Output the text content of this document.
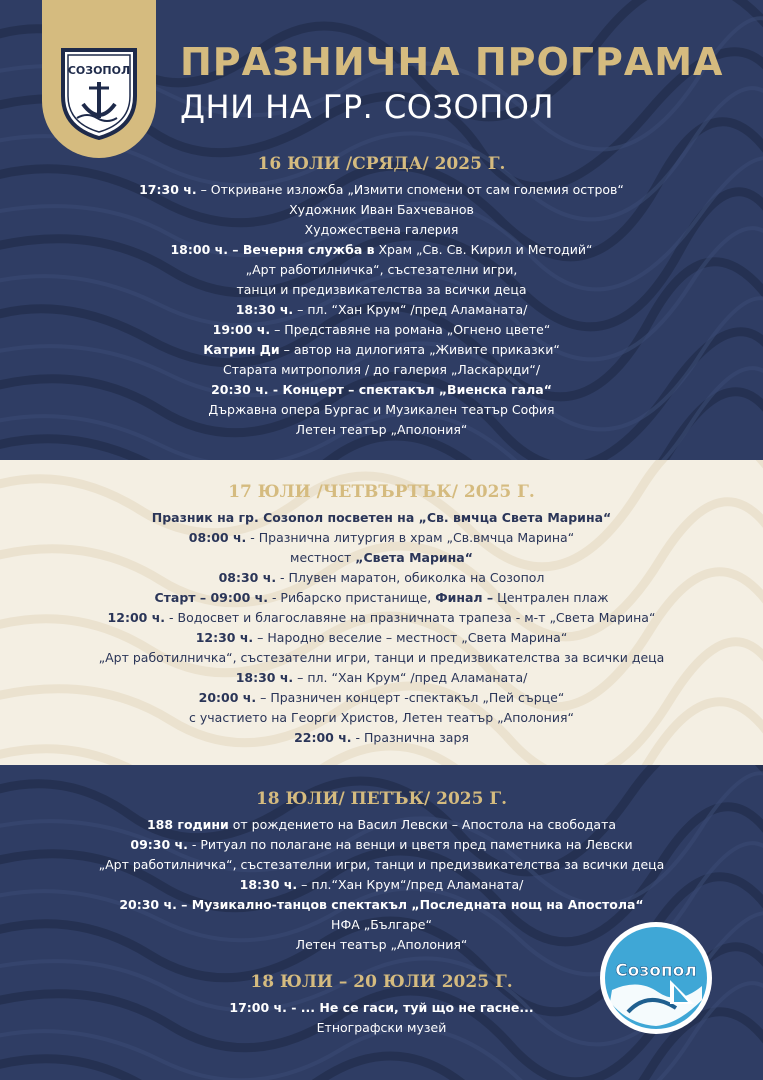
СОЗОПОЛ ПРАЗНИЧНА ПРОГРАМА
ДНИ НА ГР. СОЗОПОЛ
16 ЮЛИ /СРЯДА/ 2025 Г.
17:30 ч. – Откриване изложба „Измити спомени от сам големия остров“
Художник Иван Бахчеванов
Художествена галерия
18:00 ч. – Вечерня служба в Храм „Св. Св. Кирил и Методий“
„Арт работилничка“, състезателни игри,
танци и предизвикателства за всички деца
18:30 ч. – пл. “Хан Крум“ /пред Аламаната/
19:00 ч. – Представяне на романа „Огнено цвете“
Катрин Ди – автор на дилогията „Живите приказки“
Старата митрополия / до галерия „Ласкариди“/
20:30 ч. - Концерт – спектакъл „Виенска гала“
Държавна опера Бургас и Музикален театър София
Летен театър „Аполония“
17 ЮЛИ /ЧЕТВЪРТЪК/ 2025 Г.
Празник на гр. Созопол посветен на „Св. вмчца Света Марина“
08:00 ч. - Празнична литургия в храм „Св.вмчца Марина“
местност „Света Марина“
08:30 ч. - Плувен маратон, обиколка на Созопол
Старт – 09:00 ч. - Рибарско пристанище, Финал – Централен плаж
12:00 ч. - Водосвет и благославяне на празничната трапеза - м-т „Света Марина“
12:30 ч. – Народно веселие – местност „Света Марина“
„Арт работилничка“, състезателни игри, танци и предизвикателства за всички деца
18:30 ч. – пл. “Хан Крум“ /пред Аламаната/
20:00 ч. – Празничен концерт -спектакъл „Пей сърце“
с участието на Георги Христов, Летен театър „Аполония“
22:00 ч. - Празнична заря
18 ЮЛИ/ ПЕТЪК/ 2025 Г.
188 години от рождението на Васил Левски – Апостола на свободата
09:30 ч. - Ритуал по полагане на венци и цветя пред паметника на Левски
„Арт работилничка“, състезателни игри, танци и предизвикателства за всички деца
18:30 ч. – пл.“Хан Крум“/пред Аламаната/
20:30 ч. – Музикално-танцов спектакъл „Последната нощ на Апостола“
НФА „Българе“
Летен театър „Аполония“
18 ЮЛИ – 20 ЮЛИ 2025 Г.
17:00 ч. - ... Не се гаси, туй що не гасне...
Етнографски музей
Созопол
